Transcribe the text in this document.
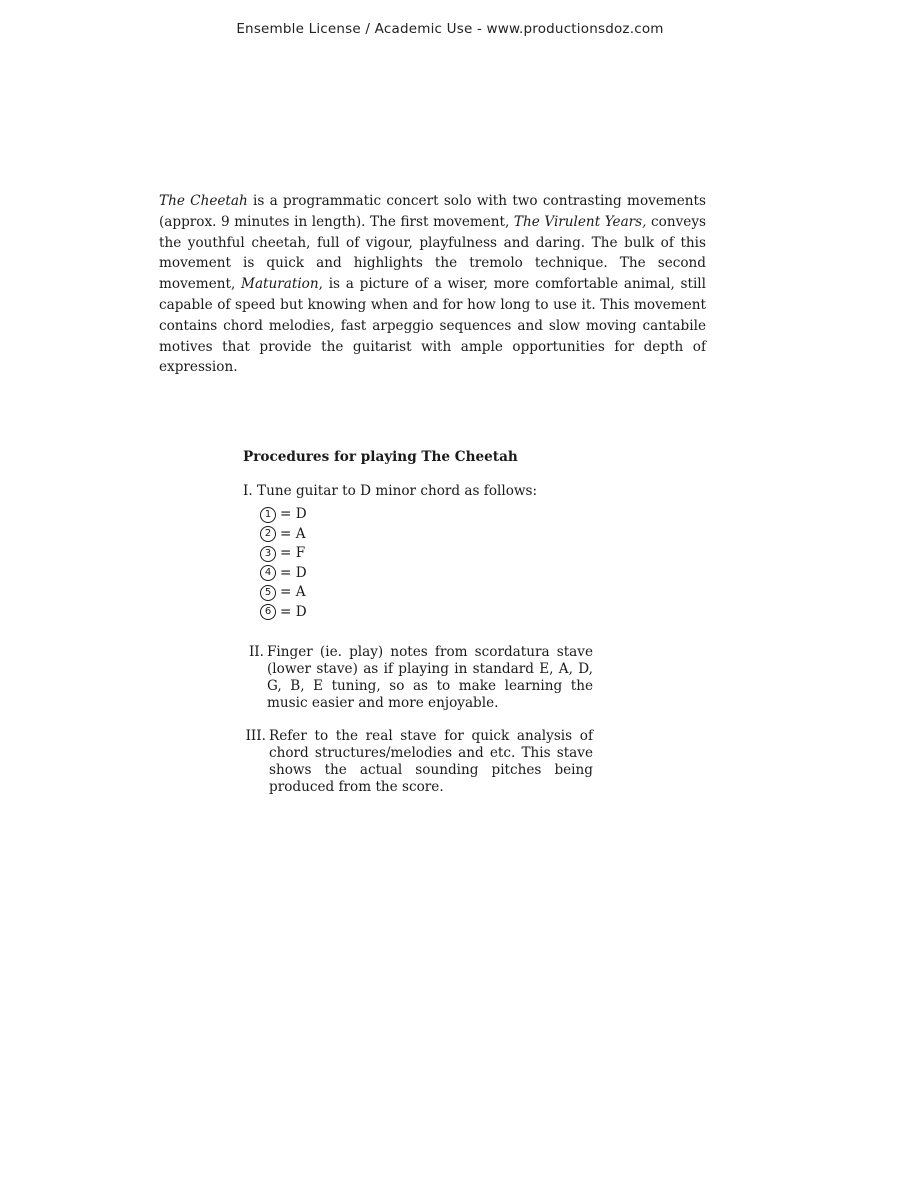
Ensemble License / Academic Use - www.productionsdoz.com

The Cheetah is a programmatic concert solo with two contrasting movements (approx. 9 minutes in length). The first movement, The Virulent Years, conveys the youthful cheetah, full of vigour, playfulness and daring. The bulk of this movement is quick and highlights the tremolo technique. The second movement, Maturation, is a picture of a wiser, more comfortable animal, still capable of speed but knowing when and for how long to use it. This movement contains chord melodies, fast arpeggio sequences and slow moving cantabile motives that provide the guitarist with ample opportunities for depth of expression.

Procedures for playing The Cheetah
I. Tune guitar to D minor chord as follows:
1 = D
2 = A
3 = F
4 = D
5 = A
6 = D
II. Finger (ie. play) notes from scordatura stave (lower stave) as if playing in standard E, A, D, G, B, E tuning, so as to make learning the music easier and more enjoyable.
III. Refer to the real stave for quick analysis of chord structures/melodies and etc. This stave shows the actual sounding pitches being produced from the score.
